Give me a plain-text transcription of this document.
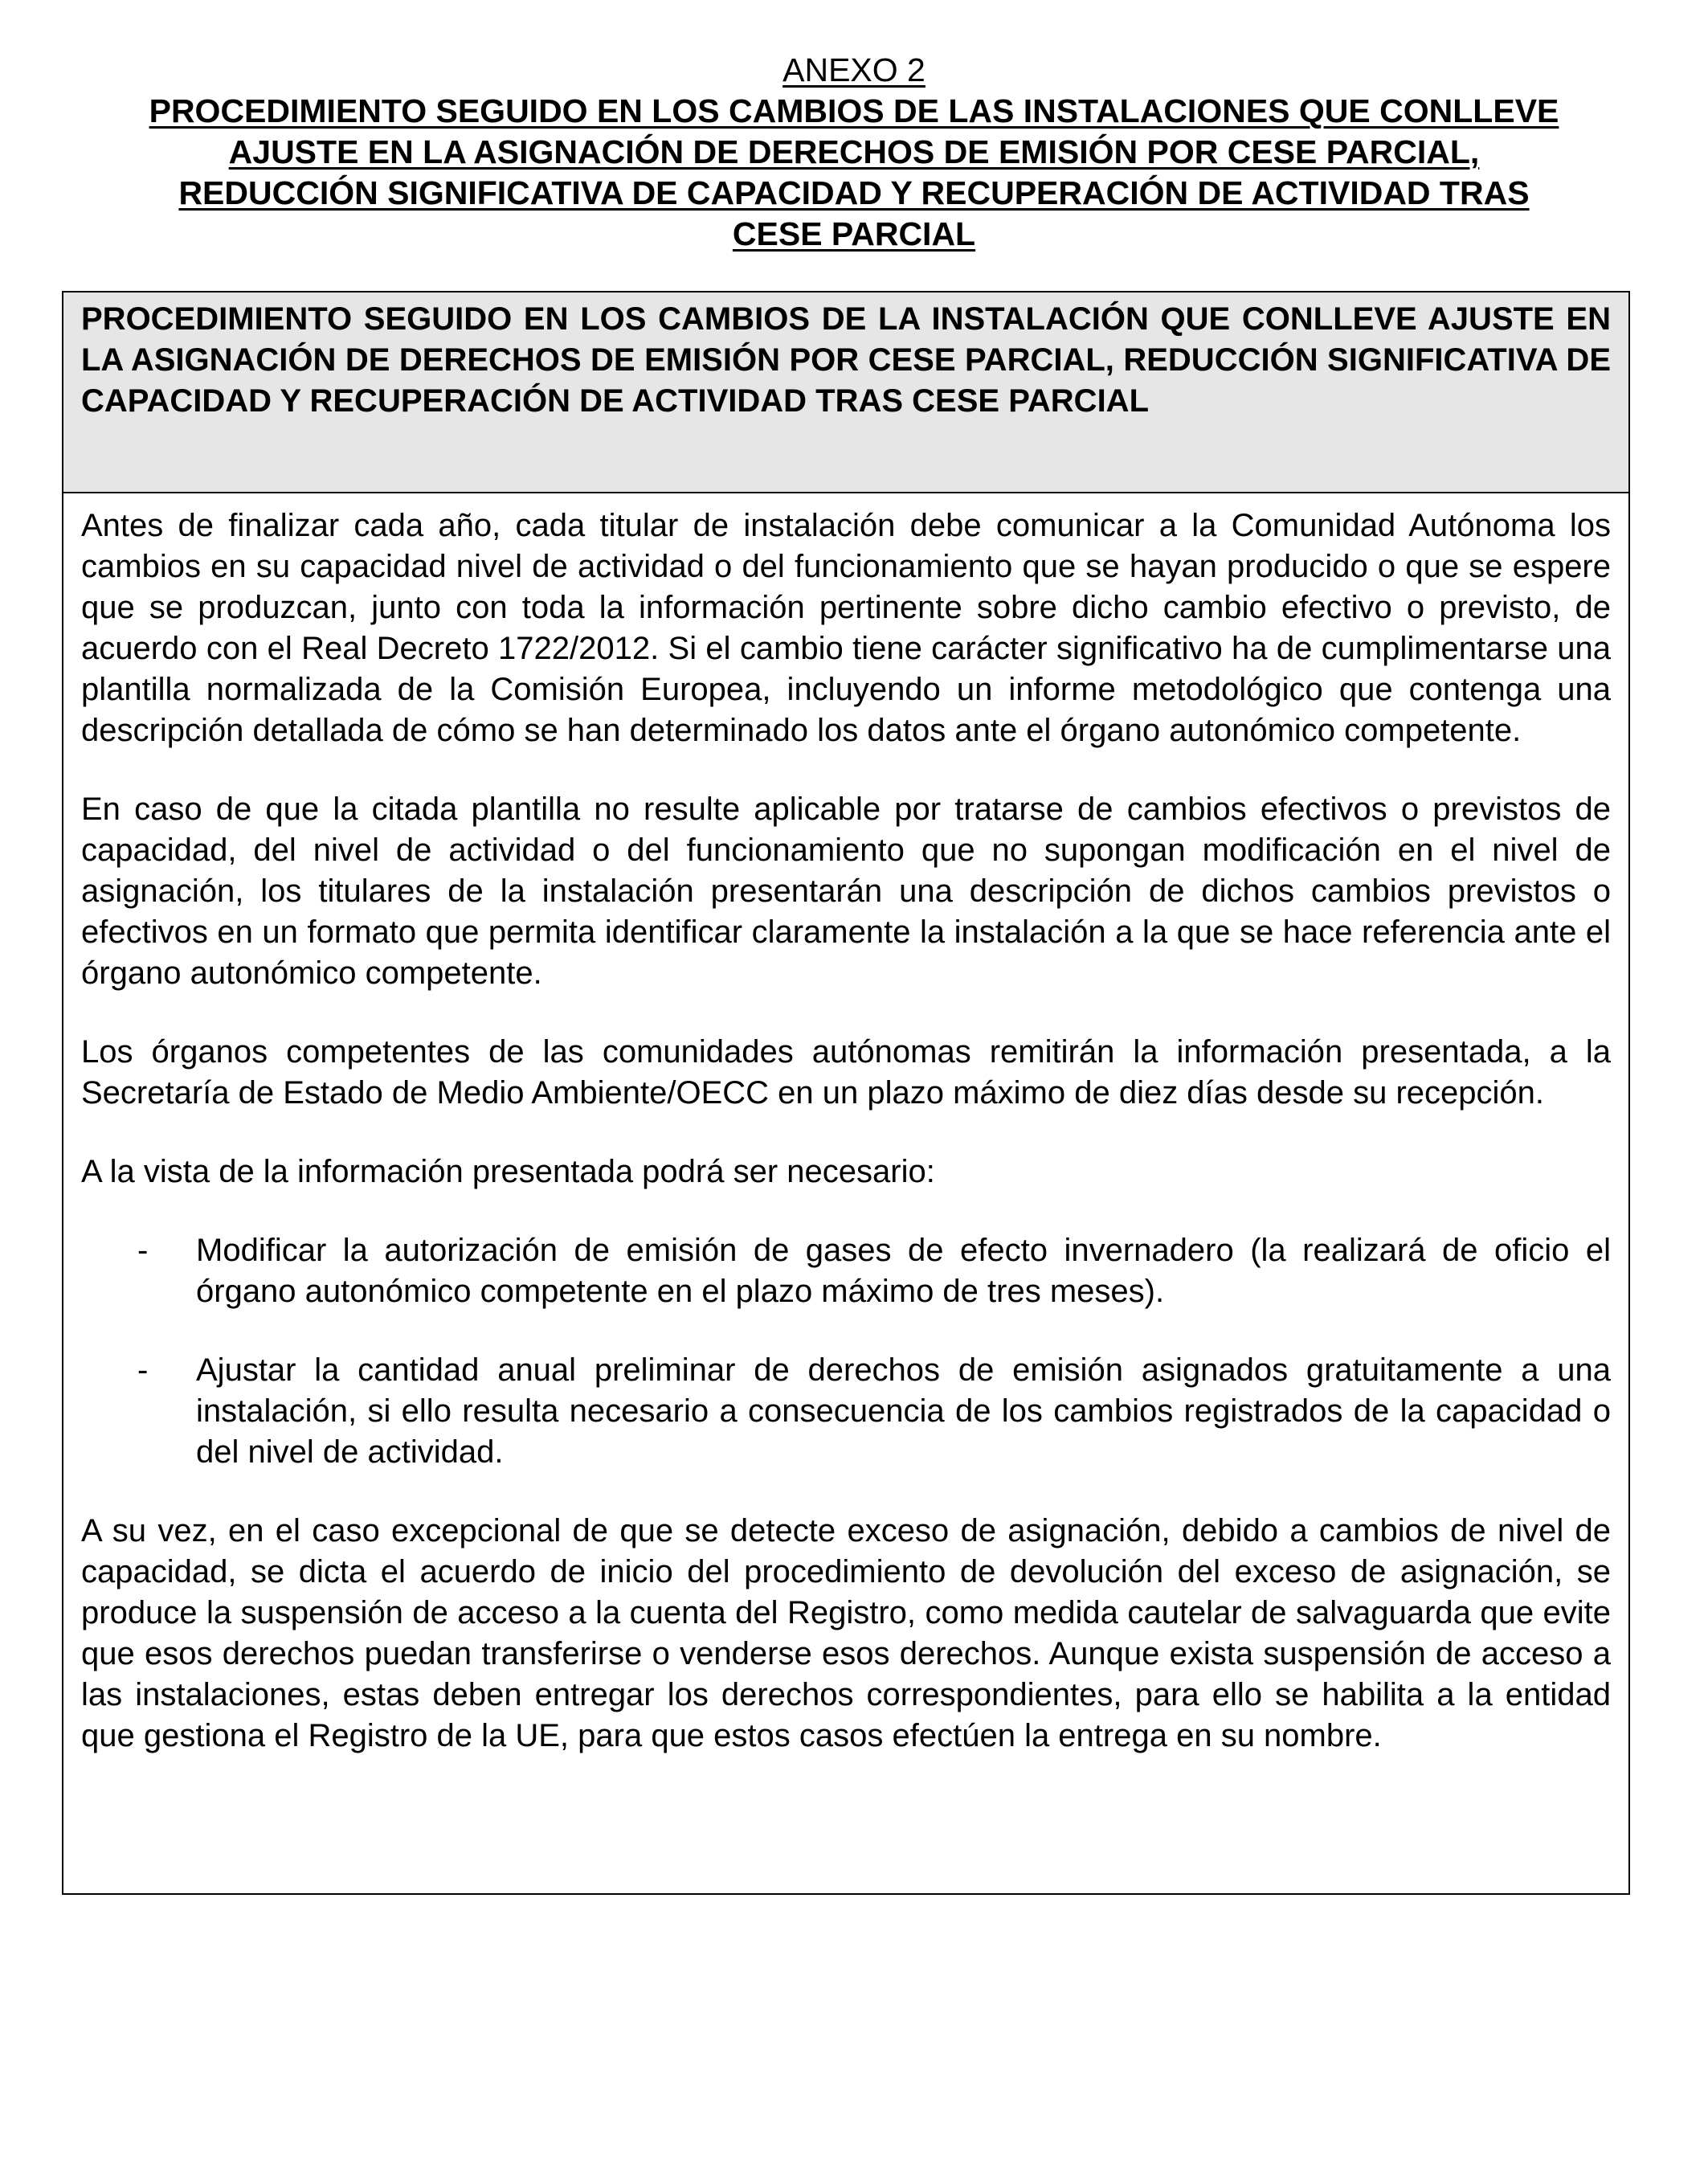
ANEXO 2
PROCEDIMIENTO SEGUIDO EN LOS CAMBIOS DE LAS INSTALACIONES QUE CONLLEVE
AJUSTE EN LA ASIGNACIÓN DE DERECHOS DE EMISIÓN POR CESE PARCIAL,
REDUCCIÓN SIGNIFICATIVA DE CAPACIDAD Y RECUPERACIÓN DE ACTIVIDAD TRAS
CESE PARCIAL
PROCEDIMIENTO SEGUIDO EN LOS CAMBIOS DE LA INSTALACIÓN QUE CONLLEVE AJUSTE EN LA ASIGNACIÓN DE DERECHOS DE EMISIÓN POR CESE PARCIAL, REDUCCIÓN SIGNIFICATIVA DE CAPACIDAD Y RECUPERACIÓN DE ACTIVIDAD TRAS CESE PARCIAL

Antes de finalizar cada año, cada titular de instalación debe comunicar a la Comunidad Autónoma los cambios en su capacidad nivel de actividad o del funcionamiento que se hayan producido o que se espere que se produzcan, junto con toda la información pertinente sobre dicho cambio efectivo o previsto, de acuerdo con el Real Decreto 1722/2012. Si el cambio tiene carácter significativo ha de cumplimentarse una plantilla normalizada de la Comisión Europea, incluyendo un informe metodológico que contenga una descripción detallada de cómo se han determinado los datos ante el órgano autonómico competente.

En caso de que la citada plantilla no resulte aplicable por tratarse de cambios efectivos o previstos de capacidad, del nivel de actividad o del funcionamiento que no supongan modificación en el nivel de asignación, los titulares de la instalación presentarán una descripción de dichos cambios previstos o efectivos en un formato que permita identificar claramente la instalación a la que se hace referencia ante el órgano autonómico competente.

Los órganos competentes de las comunidades autónomas remitirán la información presentada, a la Secretaría de Estado de Medio Ambiente/OECC en un plazo máximo de diez días desde su recepción.

A la vista de la información presentada podrá ser necesario:

- Modificar la autorización de emisión de gases de efecto invernadero (la realizará de oficio el órgano autonómico competente en el plazo máximo de tres meses).
- Ajustar la cantidad anual preliminar de derechos de emisión asignados gratuitamente a una instalación, si ello resulta necesario a consecuencia de los cambios registrados de la capacidad o del nivel de actividad.

A su vez, en el caso excepcional de que se detecte exceso de asignación, debido a cambios de nivel de capacidad, se dicta el acuerdo de inicio del procedimiento de devolución del exceso de asignación, se produce la suspensión de acceso a la cuenta del Registro, como medida cautelar de salvaguarda que evite que esos derechos puedan transferirse o venderse esos derechos. Aunque exista suspensión de acceso a las instalaciones, estas deben entregar los derechos correspondientes, para ello se habilita a la entidad que gestiona el Registro de la UE, para que estos casos efectúen la entrega en su nombre.
